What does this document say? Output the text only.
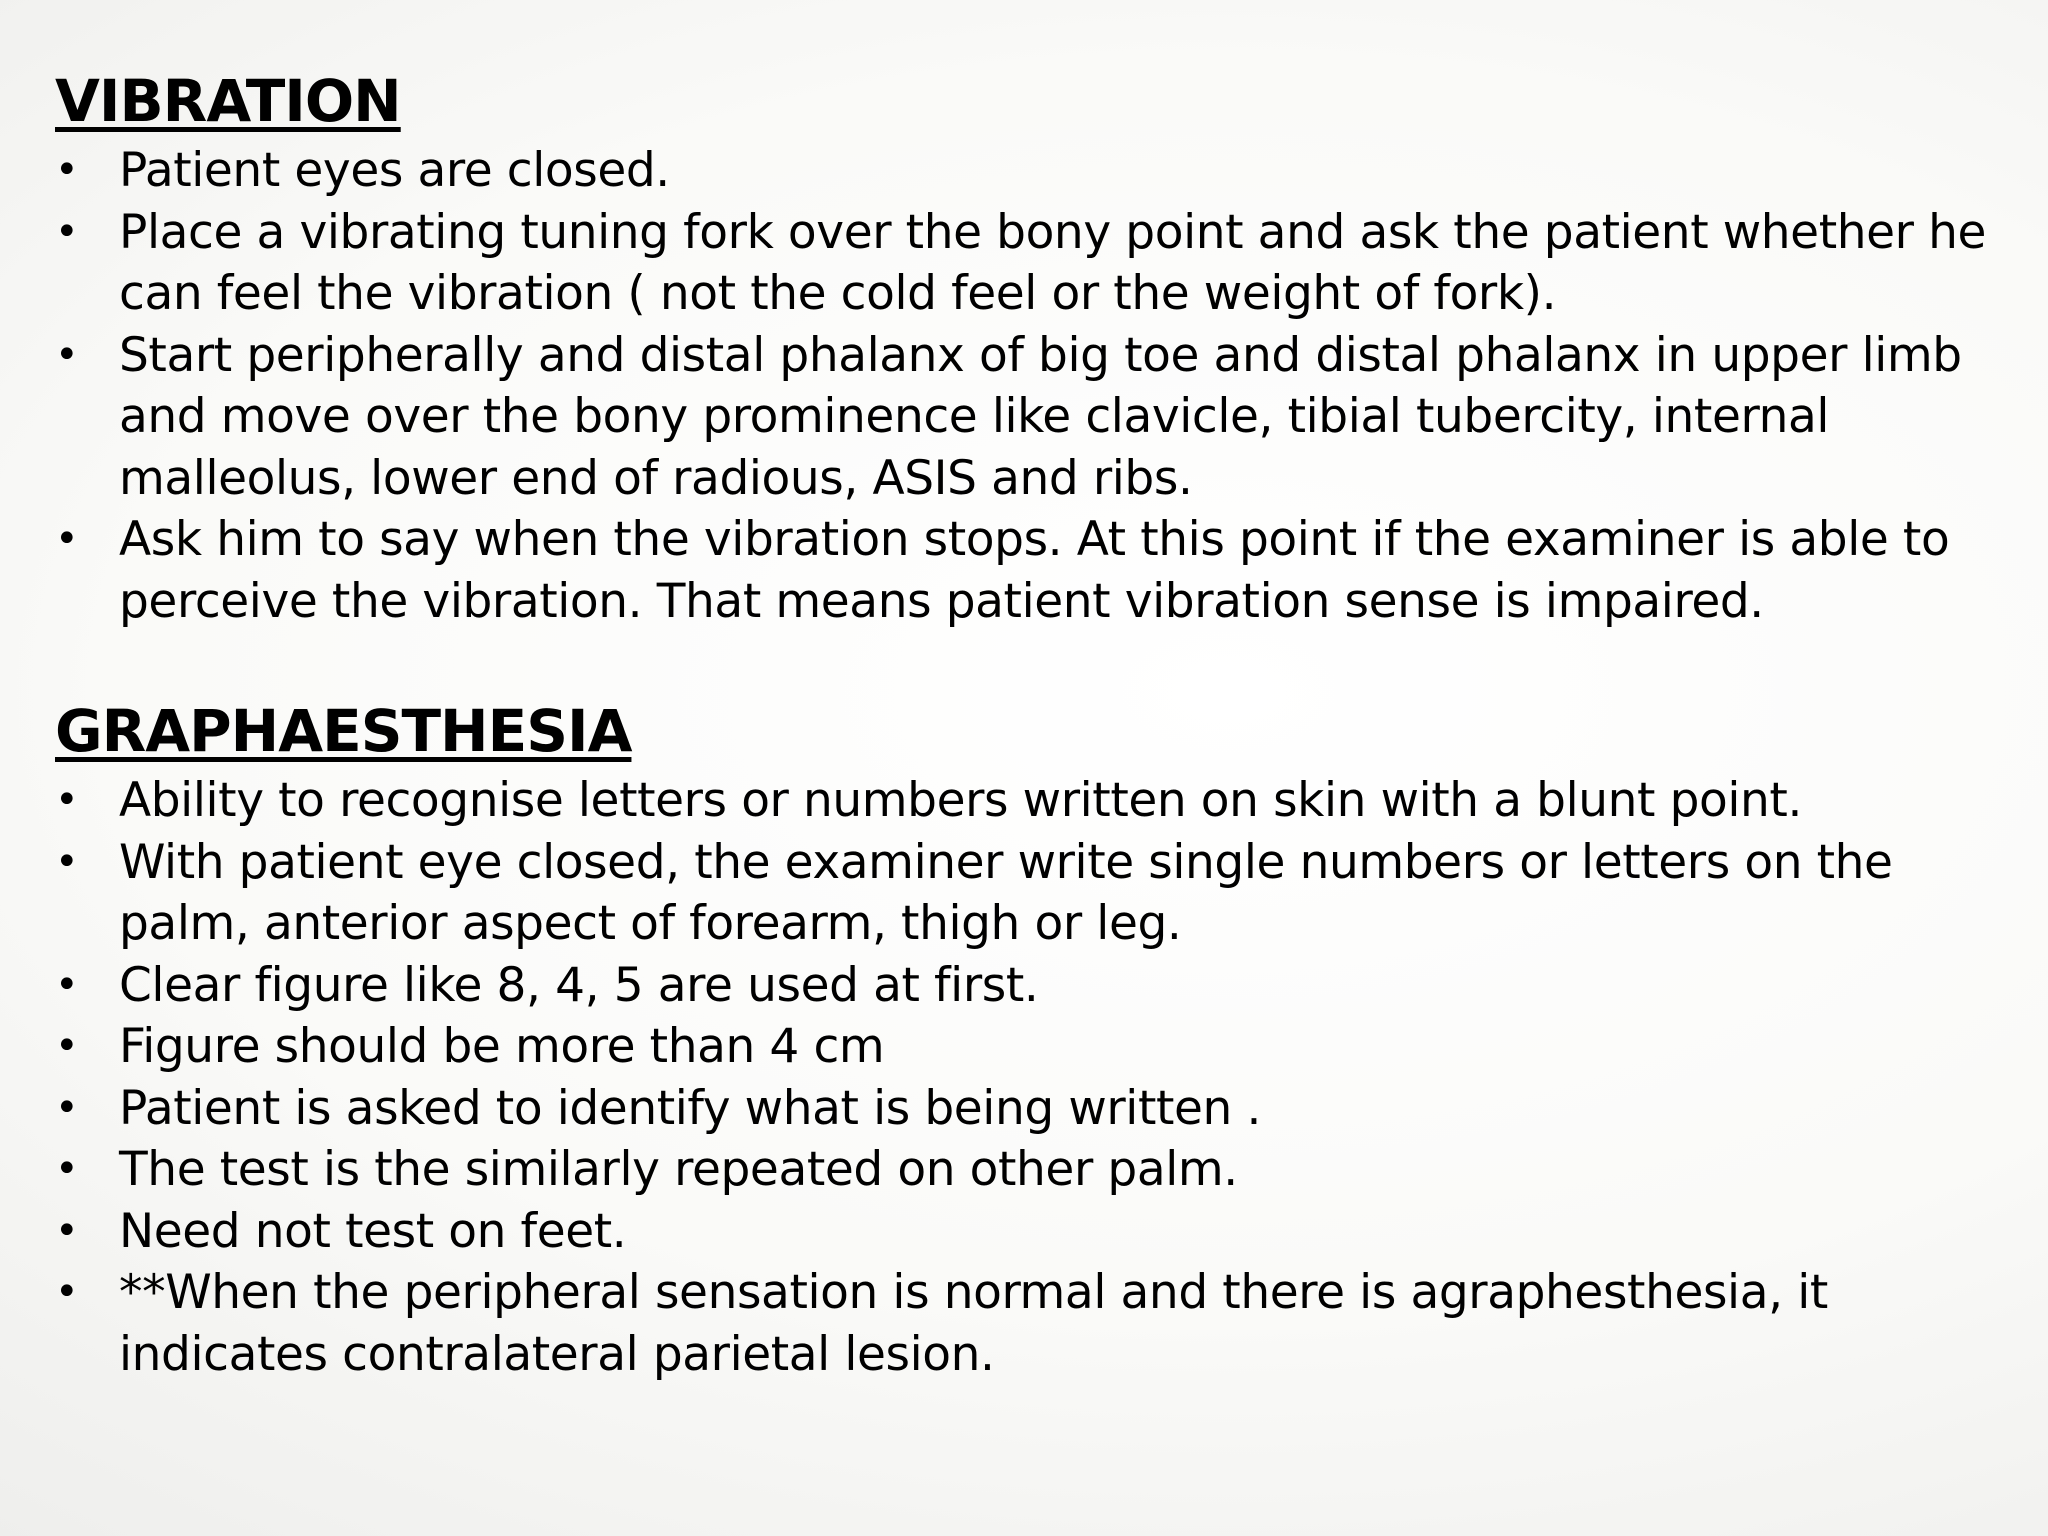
VIBRATION
• Patient eyes are closed.
• Place a vibrating tuning fork over the bony point and ask the patient whether he can feel the vibration ( not the cold feel or the weight of fork).
• Start peripherally and distal phalanx of big toe and distal phalanx in upper limb and move over the bony prominence like clavicle, tibial tubercity, internal malleolus, lower end of radious, ASIS and ribs.
• Ask him to say when the vibration stops. At this point if the examiner is able to perceive the vibration. That means patient vibration sense is impaired.
GRAPHAESTHESIA
• Ability to recognise letters or numbers written on skin with a blunt point.
• With patient eye closed, the examiner write single numbers or letters on the palm, anterior aspect of forearm, thigh or leg.
• Clear figure like 8, 4, 5 are used at first.
• Figure should be more than 4 cm
• Patient is asked to identify what is being written .
• The test is the similarly repeated on other palm.
• Need not test on feet.
• **When the peripheral sensation is normal and there is agraphesthesia, it indicates contralateral parietal lesion.
